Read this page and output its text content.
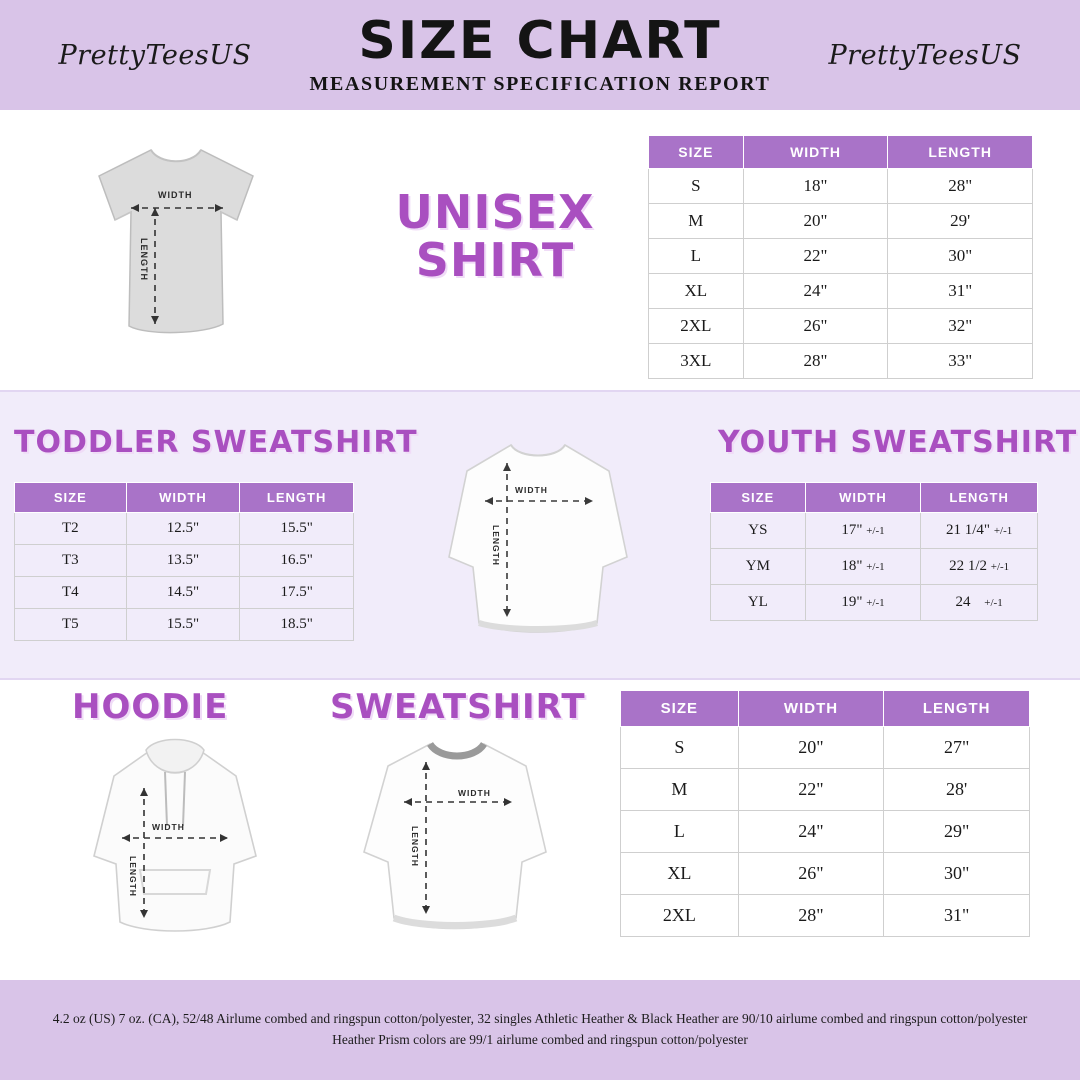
PrettyTeesUS	SIZE CHART
MEASUREMENT SPECIFICATION REPORT
PrettyTeesUS
WIDTH
LENGTH
UNISEX SHIRT
SIZE	WIDTH	LENGTH
S	18"	28"
M	20"	29'
L	22"	30"
XL	24"	31"
2XL	26"	32"
3XL	28"	33"
TODDLER SWEATSHIRT
SIZE	WIDTH	LENGTH
T2	12.5"	15.5"
T3	13.5"	16.5"
T4	14.5"	17.5"
T5	15.5"	18.5"
WIDTH
LENGTH
YOUTH SWEATSHIRT
SIZE	WIDTH	LENGTH
YS	17" +/-1	21 1/4" +/-1
YM	18" +/-1	22 1/2 +/-1
YL	19" +/-1	24 +/-1
HOODIE	SWEATSHIRT
WIDTH
LENGTH
WIDTH
LENGTH
SIZE	WIDTH	LENGTH
S	20"	27"
M	22"	28'
L	24"	29"
XL	26"	30"
2XL	28"	31"

4.2 oz (US) 7 oz. (CA), 52/48 Airlume combed and ringspun cotton/polyester, 32 singles Athletic Heather & Black Heather are 90/10 airlume combed and ringspun cotton/polyester Heather Prism colors are 99/1 airlume combed and ringspun cotton/polyester
